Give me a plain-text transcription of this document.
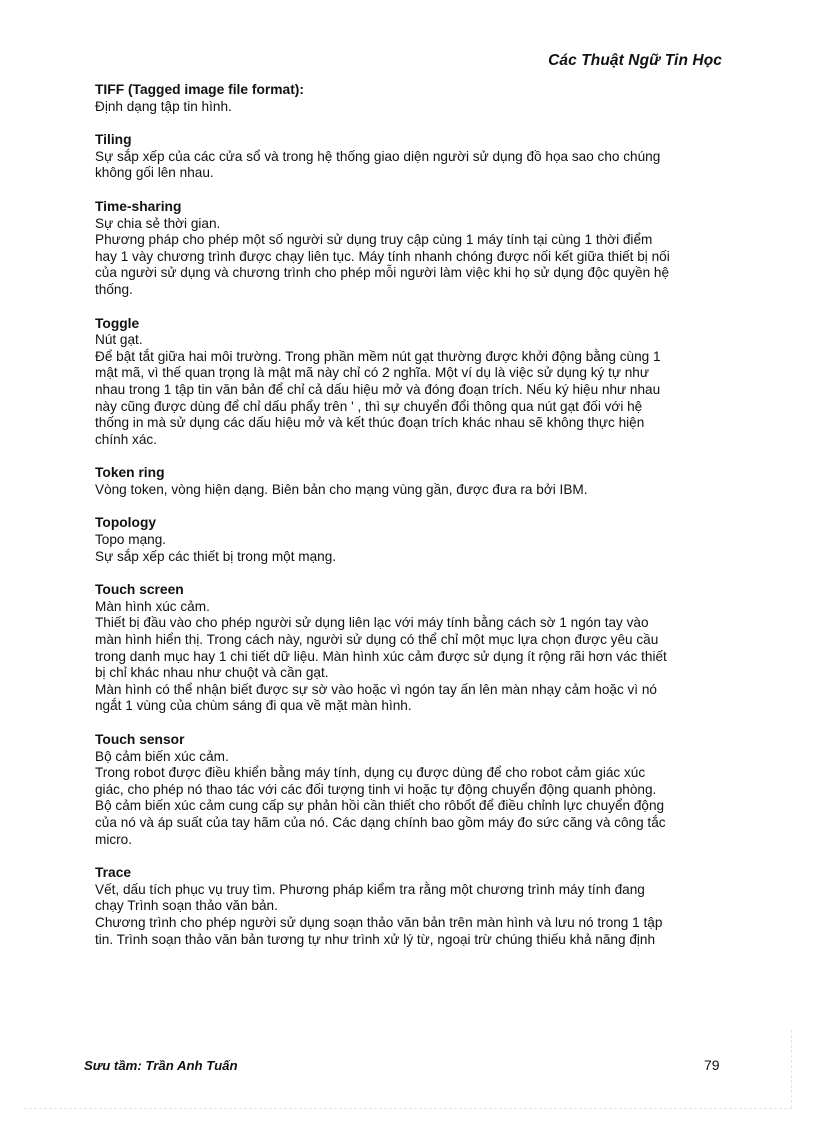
Các Thuật Ngữ Tin Học
TIFF (Tagged image file format):
Định dạng tập tin hình.
Tiling
Sự sắp xếp của các cửa sổ và trong hệ thống giao diện người sử dụng đồ họa sao cho chúng
không gối lên nhau.
Time-sharing
Sự chia sẻ thời gian.
Phương pháp cho phép một số người sử dụng truy cập cùng 1 máy tính tại cùng 1 thời điểm
hay 1 vày chương trình được chạy liên tục. Máy tính nhanh chóng được nối kết giữa thiết bị nối
của người sử dụng và chương trình cho phép mỗi người làm việc khi họ sử dụng độc quyền hệ
thống.
Toggle
Nút gạt.
Để bật tắt giữa hai môi trường. Trong phần mềm nút gạt thường được khởi động bằng cùng 1
mật mã, vì thế quan trọng là mật mã này chỉ có 2 nghĩa. Một ví dụ là việc sử dụng ký tự như
nhau trong 1 tập tin văn bản để chỉ cả dấu hiệu mở và đóng đoạn trích. Nếu ký hiệu như nhau
này cũng được dùng để chỉ dấu phẩy trên ' , thì sự chuyển đổi thông qua nút gạt đối với hệ
thống in mà sử dụng các dấu hiệu mở và kết thúc đoạn trích khác nhau sẽ không thực hiện
chính xác.
Token ring
Vòng token, vòng hiện dạng. Biên bản cho mạng vùng gần, được đưa ra bởi IBM.
Topology
Topo mạng.
Sự sắp xếp các thiết bị trong một mạng.
Touch screen
Màn hình xúc cảm.
Thiết bị đầu vào cho phép người sử dụng liên lạc với máy tính bằng cách sờ 1 ngón tay vào
màn hình hiển thị. Trong cách này, người sử dụng có thể chỉ một mục lựa chọn được yêu cầu
trong danh mục hay 1 chi tiết dữ liệu. Màn hình xúc cảm được sử dụng ít rộng rãi hơn vác thiết
bị chỉ khác nhau như chuột và cần gạt.
Màn hình có thể nhận biết được sự sờ vào hoặc vì ngón tay ấn lên màn nhạy cảm hoặc vì nó
ngắt 1 vùng của chùm sáng đi qua về mặt màn hình.
Touch sensor
Bộ cảm biến xúc cảm.
Trong robot được điều khiển bằng máy tính, dụng cụ được dùng để cho robot cảm giác xúc
giác, cho phép nó thao tác với các đối tượng tinh vi hoặc tự động chuyển động quanh phòng.
Bộ cảm biến xúc cảm cung cấp sự phản hồi cần thiết cho rôbốt để điều chỉnh lực chuyển động
của nó và áp suất của tay hãm của nó. Các dạng chính bao gồm máy đo sức căng và công tắc
micro.
Trace
Vết, dấu tích phục vụ truy tìm. Phương pháp kiểm tra rằng một chương trình máy tính đang
chạy Trình soạn thảo văn bản.
Chương trình cho phép người sử dụng soạn thảo văn bản trên màn hình và lưu nó trong 1 tập
tin. Trình soạn thảo văn bản tương tự như trình xử lý từ, ngoại trừ chúng thiếu khả năng định
Sưu tầm: Trần Anh Tuấn	79
